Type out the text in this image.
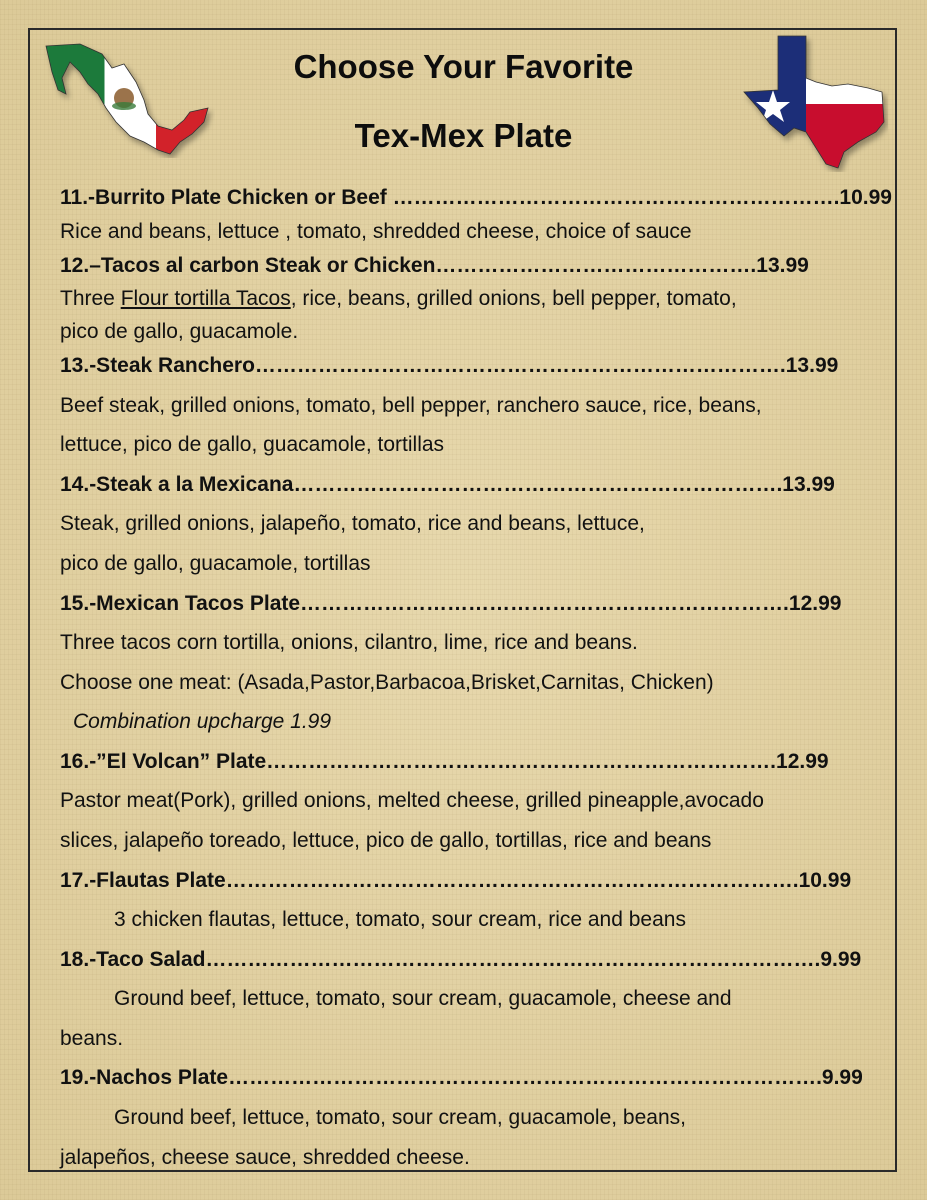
Choose Your Favorite
Tex-Mex Plate
11.-Burrito Plate Chicken or Beef ……………………………………………………….10.99
Rice and beans, lettuce , tomato, shredded cheese, choice of sauce
12.–Tacos al carbon Steak or Chicken……………………………………….13.99
Three Flour tortilla Tacos, rice, beans, grilled onions, bell pepper, tomato,
pico de gallo, guacamole.
13.-Steak Ranchero………………………………………………………………….13.99
Beef steak, grilled onions, tomato, bell pepper, ranchero sauce, rice, beans,
lettuce, pico de gallo, guacamole, tortillas
14.-Steak a la Mexicana…………………………………………………………….13.99
Steak, grilled onions, jalapeño, tomato, rice and beans, lettuce,
pico de gallo, guacamole, tortillas
15.-Mexican Tacos Plate…………………………………………………………….12.99
Three tacos corn tortilla, onions, cilantro, lime, rice and beans.
Choose one meat: (Asada,Pastor,Barbacoa,Brisket,Carnitas, Chicken)
Combination upcharge 1.99
16.-”El Volcan” Plate……………………………………………………………….12.99
Pastor meat(Pork), grilled onions, melted cheese, grilled pineapple,avocado
slices, jalapeño toreado, lettuce, pico de gallo, tortillas, rice and beans
17.-Flautas Plate……………………………………………………………………….10.99
3 chicken flautas, lettuce, tomato, sour cream, rice and beans
18.-Taco Salad…………………………………………………………………………….9.99
Ground beef, lettuce, tomato, sour cream, guacamole, cheese and
beans.
19.-Nachos Plate………………………………………………………………………….9.99
Ground beef, lettuce, tomato, sour cream, guacamole, beans,
jalapeños, cheese sauce, shredded cheese.
